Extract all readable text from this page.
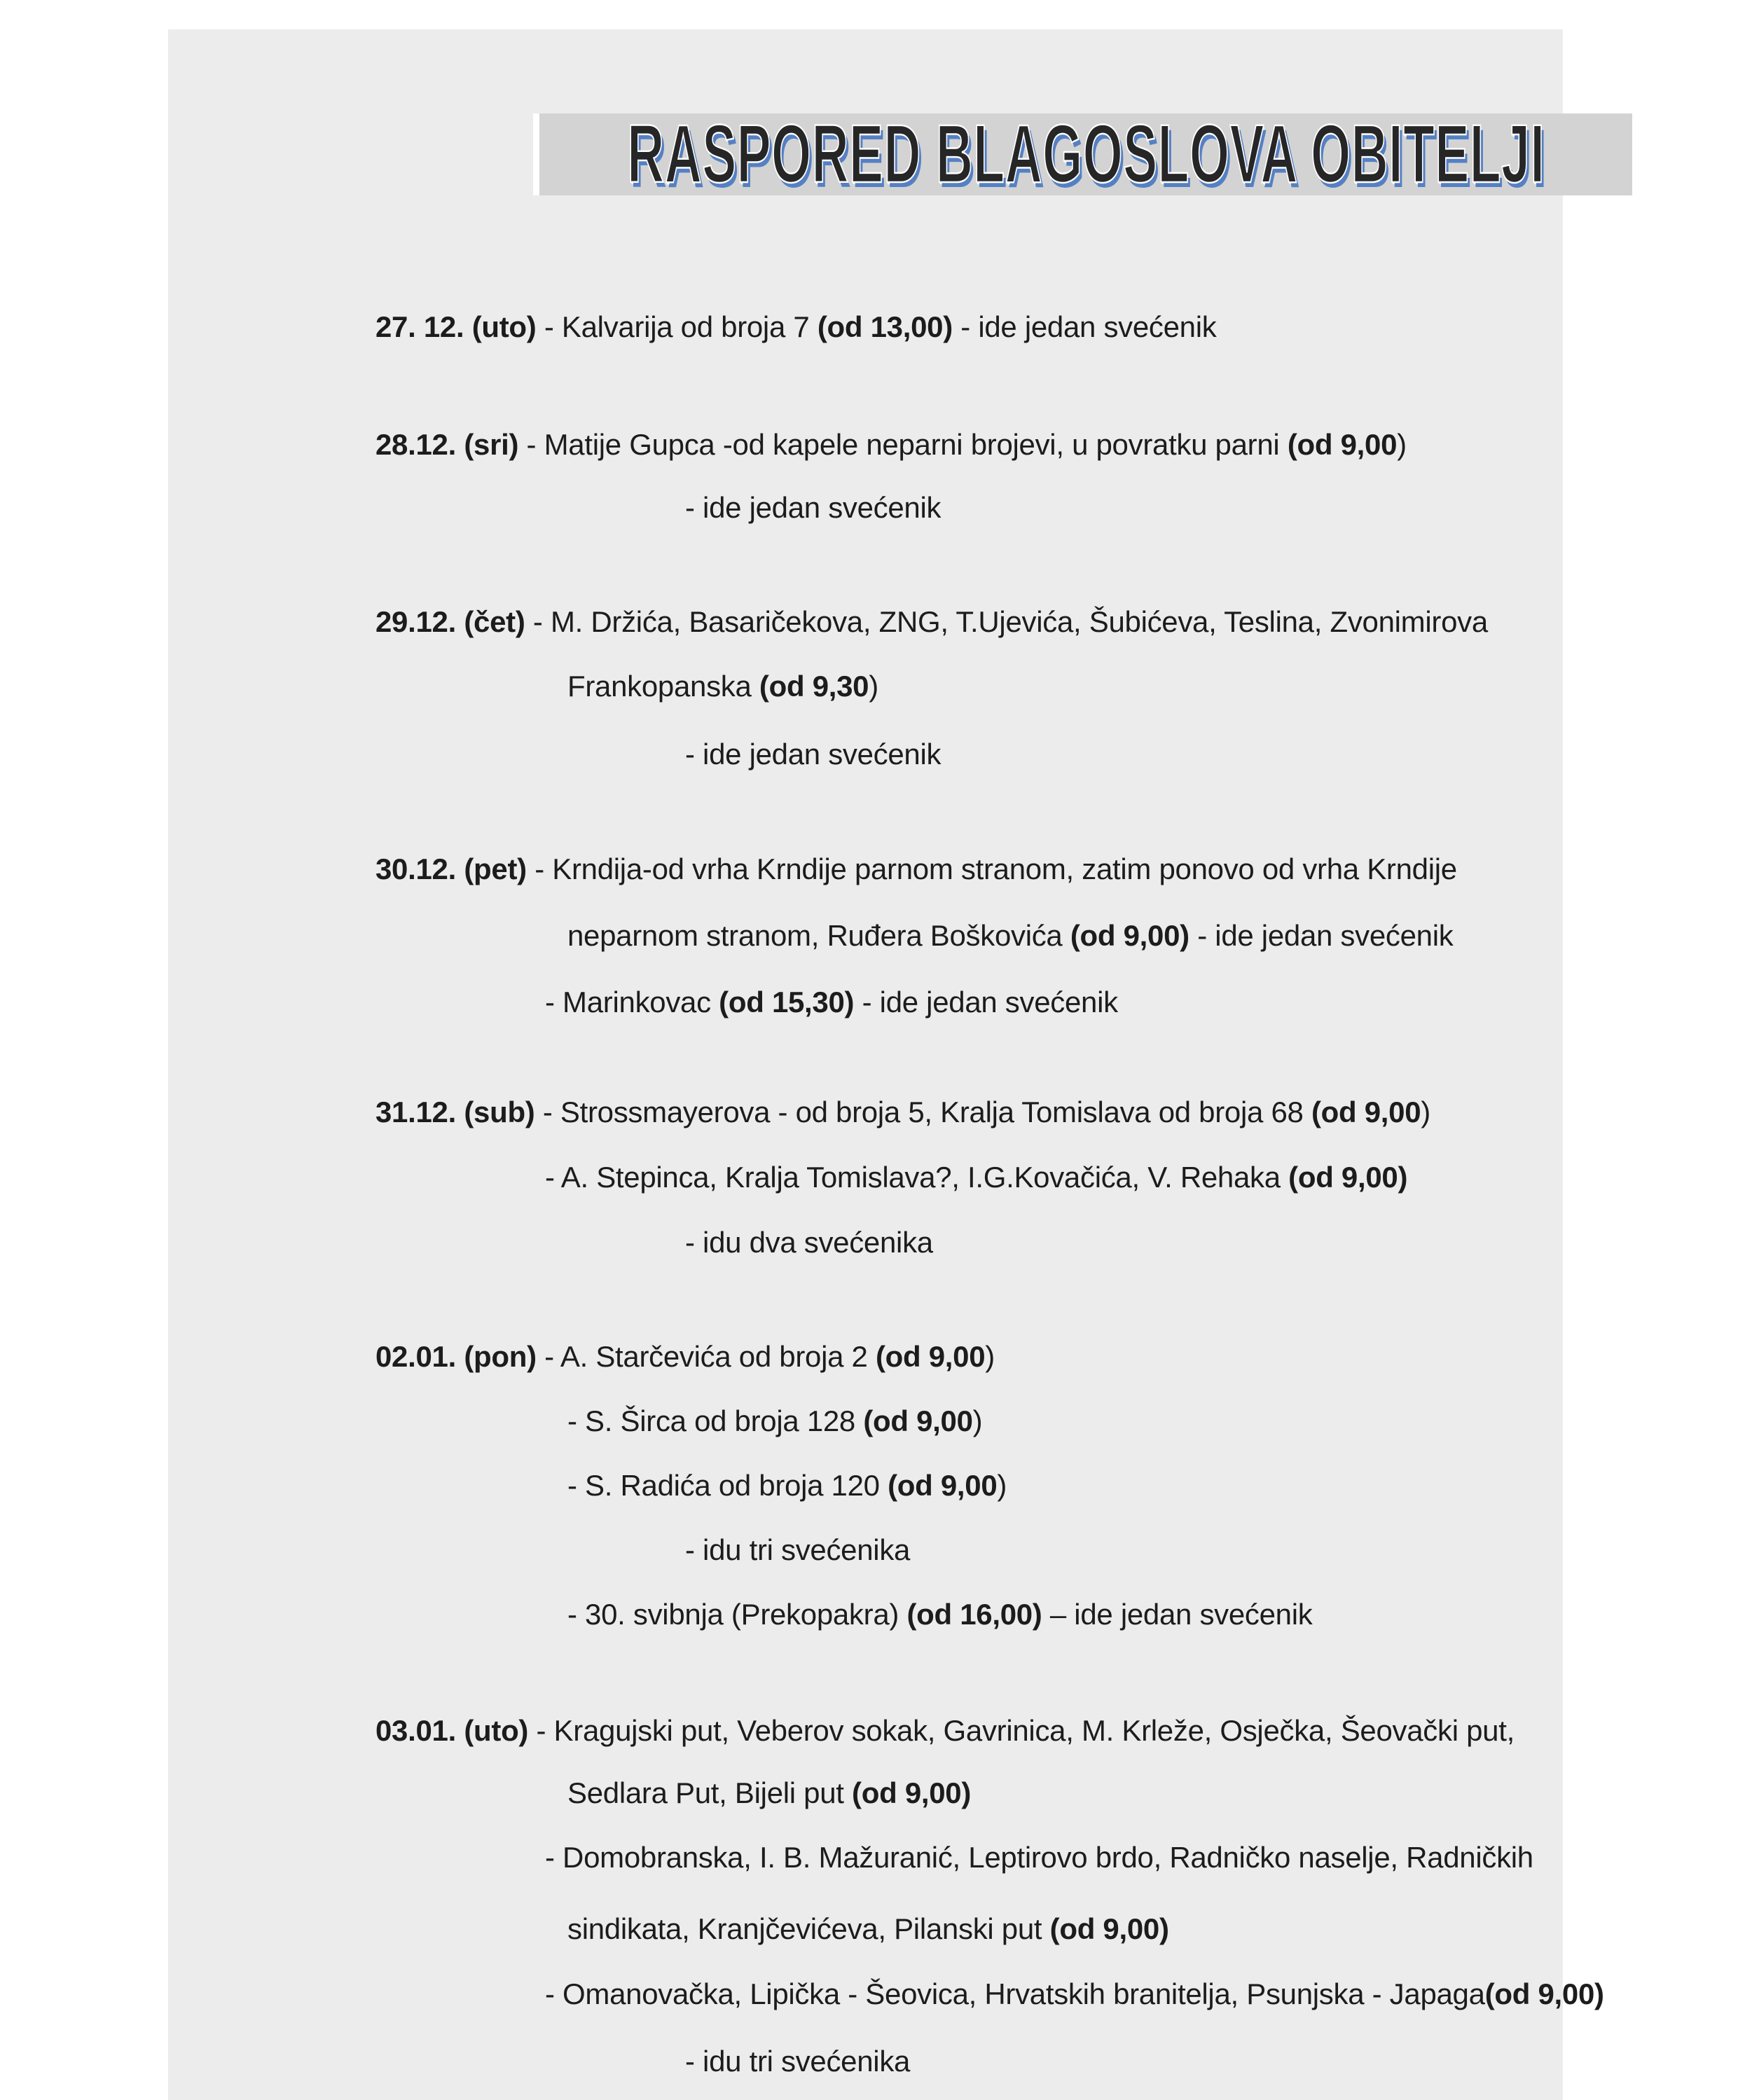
RASPORED BLAGOSLOVA OBITELJI
27. 12. (uto) - Kalvarija od broja 7 (od 13,00) - ide jedan svećenik
28.12. (sri) - Matije Gupca -od kapele neparni brojevi, u povratku parni (od 9,00)
- ide jedan svećenik
29.12. (čet) - M. Držića, Basaričekova, ZNG, T.Ujevića, Šubićeva, Teslina, Zvonimirova
Frankopanska (od 9,30)
- ide jedan svećenik
30.12. (pet) - Krndija-od vrha Krndije parnom stranom, zatim ponovo od vrha Krndije
neparnom stranom, Ruđera Boškovića (od 9,00) - ide jedan svećenik
- Marinkovac (od 15,30) - ide jedan svećenik
31.12. (sub) - Strossmayerova - od broja 5, Kralja Tomislava od broja 68 (od 9,00)
- A. Stepinca, Kralja Tomislava?, I.G.Kovačića, V. Rehaka (od 9,00)
- idu dva svećenika
02.01. (pon) - A. Starčevića od broja 2 (od 9,00)
- S. Širca od broja 128 (od 9,00)
- S. Radića od broja 120 (od 9,00)
- idu tri svećenika
- 30. svibnja (Prekopakra) (od 16,00) – ide jedan svećenik
03.01. (uto) - Kragujski put, Veberov sokak, Gavrinica, M. Krleže, Osječka, Šeovački put,
Sedlara Put, Bijeli put (od 9,00)
- Domobranska, I. B. Mažuranić, Leptirovo brdo, Radničko naselje, Radničkih
sindikata, Kranjčevićeva, Pilanski put (od 9,00)
- Omanovačka, Lipička - Šeovica, Hrvatskih branitelja, Psunjska - Japaga(od 9,00)
- idu tri svećenika
